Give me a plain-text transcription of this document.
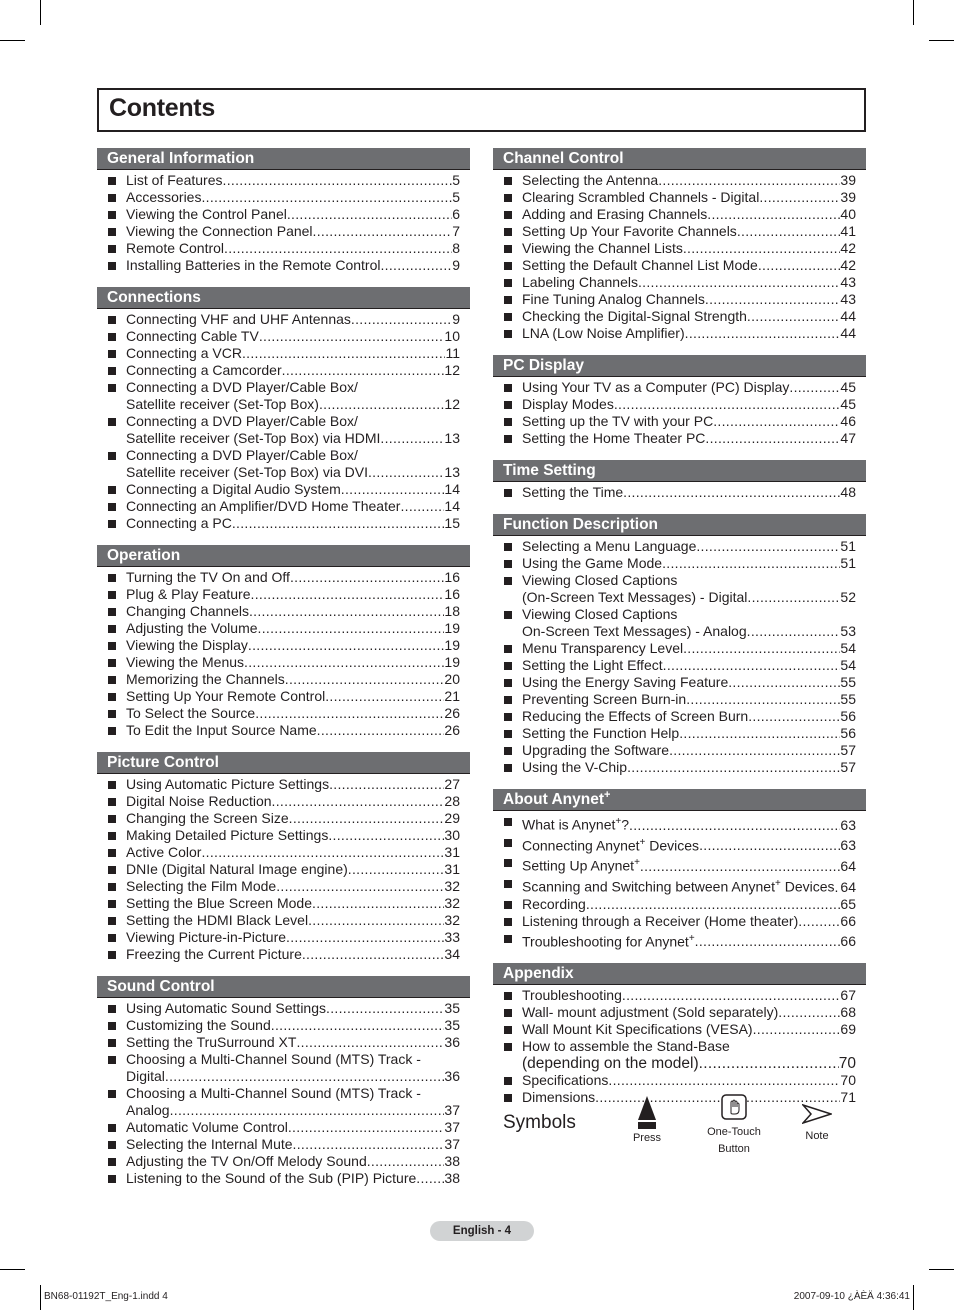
Contents
General Information
List of Features .....	5
Accessories .....	5
Viewing the Control Panel .....	6
Viewing the Connection Panel .....	7
Remote Control .....	8
Installing Batteries in the Remote Control .....	9
Connections
Connecting VHF and UHF Antennas .....	9
Connecting Cable TV .....	10
Connecting a VCR .....	11
Connecting a Camcorder .....	12
Connecting a DVD Player/Cable Box/
Satellite receiver (Set-Top Box) .....	12
Connecting a DVD Player/Cable Box/
Satellite receiver (Set-Top Box) via HDMI .....	13
Connecting a DVD Player/Cable Box/
Satellite receiver (Set-Top Box) via DVI .....	13
Connecting a Digital Audio System .....	14
Connecting an Amplifier/DVD Home Theater .....	14
Connecting a PC .....	15
Operation
Turning the TV On and Off .....	16
Plug & Play Feature .....	16
Changing Channels .....	18
Adjusting the Volume .....	19
Viewing the Display .....	19
Viewing the Menus .....	19
Memorizing the Channels .....	20
Setting Up Your Remote Control .....	21
To Select the Source .....	26
To Edit the Input Source Name .....	26
Picture Control
Using Automatic Picture Settings .....	27
Digital Noise Reduction .....	28
Changing the Screen Size .....	29
Making Detailed Picture Settings .....	30
Active Color .....	31
DNIe (Digital Natural Image engine) .....	31
Selecting the Film Mode .....	32
Setting the Blue Screen Mode .....	32
Setting the HDMI Black Level .....	32
Viewing Picture-in-Picture .....	33
Freezing the Current Picture .....	34
Sound Control
Using Automatic Sound Settings .....	35
Customizing the Sound .....	35
Setting the TruSurround XT .....	36
Choosing a Multi-Channel Sound (MTS) Track -
Digital .....	36
Choosing a Multi-Channel Sound (MTS) Track -
Analog .....	37
Automatic Volume Control .....	37
Selecting the Internal Mute .....	37
Adjusting the TV On/Off Melody Sound .....	38
Listening to the Sound of the Sub (PIP) Picture ..... 38
Channel Control
Selecting the Antenna .....	39
Clearing Scrambled Channels - Digital .....	39
Adding and Erasing Channels .....	40
Setting Up Your Favorite Channels .....	41
Viewing the Channel Lists .....	42
Setting the Default Channel List Mode .....	42
Labeling Channels .....	43
Fine Tuning Analog Channels .....	43
Checking the Digital-Signal Strength .....	44
LNA (Low Noise Amplifier) .....	44
PC Display
Using Your TV as a Computer (PC) Display .....	45
Display Modes .....	45
Setting up the TV with your PC .....	46
Setting the Home Theater PC .....	47
Time Setting
Setting the Time .....	48
Function Description
Selecting a Menu Language .....	51
Using the Game Mode .....	51
Viewing Closed Captions
(On-Screen Text Messages) - Digital .....	52
Viewing Closed Captions
On-Screen Text Messages) - Analog .....	53
Menu Transparency Level .....	54
Setting the Light Effect .....	54
Using the Energy Saving Feature .....	55
Preventing Screen Burn-in .....	55
Reducing the Effects of Screen Burn .....	56
Setting the Function Help .....	56
Upgrading the Software .....	57
Using the V-Chip .....	57
About Anynet+
What is Anynet+? .....	63
Connecting Anynet+ Devices .....	63
Setting Up Anynet+ .....	64
Scanning and Switching between Anynet+ Devices ..... 64
Recording .....	65
Listening through a Receiver (Home theater) .....	66
Troubleshooting for Anynet+ .....	66
Appendix
Troubleshooting .....	67
Wall- mount adjustment (Sold separately) .....	68
Wall Mount Kit Specifications (VESA) .....	69
How to assemble the Stand-Base
(depending on the model) .....	70
Specifications .....	70
Dimensions .....	71
Symbols
Press	One-Touch
Button
Note
English - 4
BN68-01192T_Eng-1.indd 4	2007-09-10 ¿ÀÈÄ 4:36:41
